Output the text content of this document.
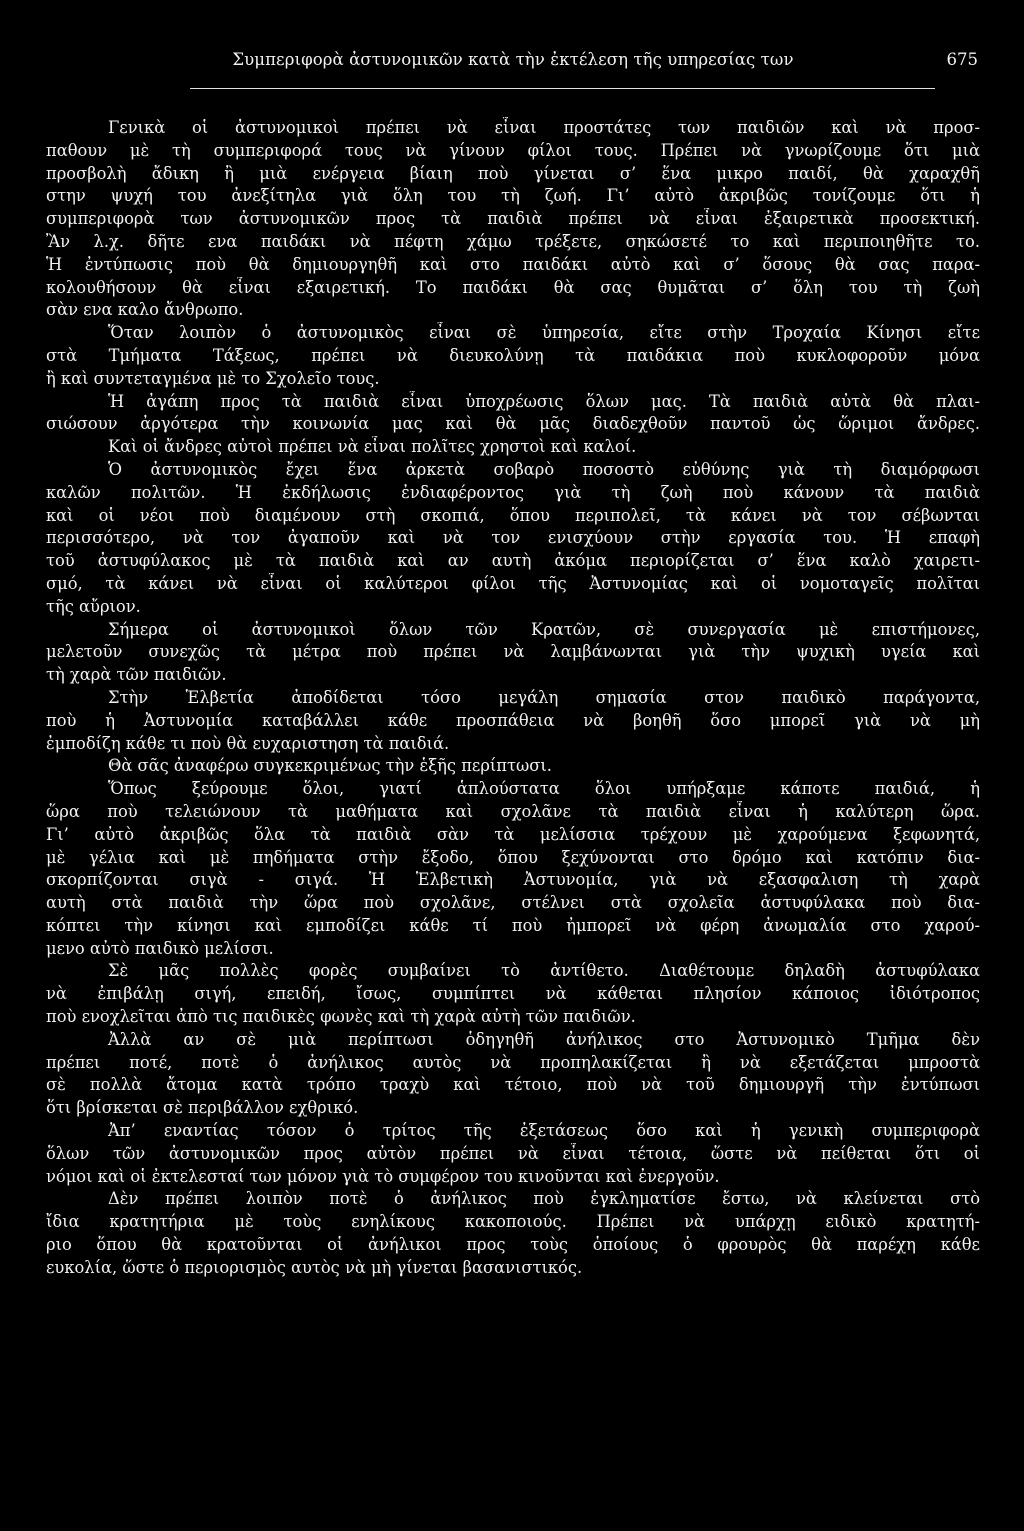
Συμπεριφορὰ ἀστυνομικῶν κατὰ τὴν ἐκτέλεση τῆς υπηρεσίας των	675
Γενικὰ οἱ ἀστυνομικοὶ πρέπει νὰ εἶναι προστάτες των παιδιῶν καὶ νὰ προσ-
παθουν μὲ τὴ συμπεριφορά τους νὰ γίνουν φίλοι τους. Πρέπει νὰ γνωρίζουμε ὅτι μιὰ
προσβολὴ ἄδικη ἢ μιὰ ενέργεια βίαιη ποὺ γίνεται σ’ ἕνα μικρο παιδί, θὰ χαραχθῆ
στην ψυχή του ἀνεξίτηλα γιὰ ὅλη του τὴ ζωή. Γι’ αὐτὸ ἀκριβῶς τονίζουμε ὅτι ἡ
συμπεριφορὰ των ἀστυνομικῶν προς τὰ παιδιὰ πρέπει νὰ εἶναι ἐξαιρετικὰ προσεκτική.
Ἂν λ.χ. δῆτε ενα παιδάκι νὰ πέφτη χάμω τρέξετε, σηκώσετέ το καὶ περιποιηθῆτε το.
Ἡ ἐντύπωσις ποὺ θὰ δημιουργηθῆ καὶ στο παιδάκι αὐτὸ καὶ σ’ ὅσους θὰ σας παρα-
κολουθήσουν θὰ εἶναι εξαιρετική. Το παιδάκι θὰ σας θυμᾶται σ’ ὅλη του τὴ ζωὴ
σὰν ενα καλο ἄνθρωπο.
Ὅταν λοιπὸν ὁ ἀστυνομικὸς εἶναι σὲ ὑπηρεσία, εἴτε στὴν Τροχαία Κίνησι εἴτε
στὰ Τμήματα Τάξεως, πρέπει νὰ διευκολύνῃ τὰ παιδάκια ποὺ κυκλοφοροῦν μόνα
ἢ καὶ συντεταγμένα μὲ το Σχολεῖο τους.
Ἡ ἀγάπη προς τὰ παιδιὰ εἶναι ὑποχρέωσις ὅλων μας. Τὰ παιδιὰ αὐτὰ θὰ πλαι-
σιώσουν ἀργότερα τὴν κοινωνία μας καὶ θὰ μᾶς διαδεχθοῦν παντοῦ ὡς ὥριμοι ἄνδρες.
Καὶ οἱ ἄνδρες αὐτοὶ πρέπει νὰ εἶναι πολῖτες χρηστοὶ καὶ καλοί.
Ὁ ἀστυνομικὸς ἔχει ἕνα ἀρκετὰ σοβαρὸ ποσοστὸ εὐθύνης γιὰ τὴ διαμόρφωσι
καλῶν πολιτῶν. Ἡ ἐκδήλωσις ἐνδιαφέροντος γιὰ τὴ ζωὴ ποὺ κάνουν τὰ παιδιὰ
καὶ οἱ νέοι ποὺ διαμένουν στὴ σκοπιά, ὅπου περιπολεῖ, τὰ κάνει νὰ τον σέβωνται
περισσότερο, νὰ τον ἀγαποῦν καὶ νὰ τον ενισχύουν στὴν εργασία του. Ἡ επαφὴ
τοῦ ἀστυφύλακος μὲ τὰ παιδιὰ καὶ αν αυτὴ ἀκόμα περιορίζεται σ’ ἕνα καλὸ χαιρετι-
σμό, τὰ κάνει νὰ εἶναι οἱ καλύτεροι φίλοι τῆς Ἀστυνομίας καὶ οἱ νομοταγεῖς πολῖται
τῆς αὔριον.
Σήμερα οἱ ἀστυνομικοὶ ὅλων τῶν Κρατῶν, σὲ συνεργασία μὲ επιστήμονες,
μελετοῦν συνεχῶς τὰ μέτρα ποὺ πρέπει νὰ λαμβάνωνται γιὰ τὴν ψυχικὴ υγεία καὶ
τὴ χαρὰ τῶν παιδιῶν.
Στὴν Ἑλβετία ἀποδίδεται τόσο μεγάλη σημασία στον παιδικὸ παράγοντα,
ποὺ ἡ Ἀστυνομία καταβάλλει κάθε προσπάθεια νὰ βοηθῆ ὅσο μπορεῖ γιὰ νὰ μὴ
ἐμποδίζη κάθε τι ποὺ θὰ ευχαριστηση τὰ παιδιά.
Θὰ σᾶς ἀναφέρω συγκεκριμένως τὴν ἑξῆς περίπτωσι.
Ὅπως ξεύρουμε ὅλοι, γιατί ἁπλούστατα ὅλοι υπήρξαμε κάποτε παιδιά, ἡ
ὥρα ποὺ τελειώνουν τὰ μαθήματα καὶ σχολᾶνε τὰ παιδιὰ εἶναι ἡ καλύτερη ὥρα.
Γι’ αὐτὸ ἀκριβῶς ὅλα τὰ παιδιὰ σὰν τὰ μελίσσια τρέχουν μὲ χαρούμενα ξεφωνητά,
μὲ γέλια καὶ μὲ πηδήματα στὴν ἔξοδο, ὅπου ξεχύνονται στο δρόμο καὶ κατόπιν δια-
σκορπίζονται σιγὰ - σιγά. Ἡ Ἑλβετικὴ Ἀστυνομία, γιὰ νὰ εξασφαλιση τὴ χαρὰ
αυτὴ στὰ παιδιὰ τὴν ὥρα ποὺ σχολᾶνε, στέλνει στὰ σχολεῖα ἀστυφύλακα ποὺ δια-
κόπτει τὴν κίνησι καὶ εμποδίζει κάθε τί ποὺ ἠμπορεῖ νὰ φέρη ἀνωμαλία στο χαρού-
μενο αὐτὸ παιδικὸ μελίσσι.
Σὲ μᾶς πολλὲς φορὲς συμβαίνει τὸ ἀντίθετο. Διαθέτουμε δηλαδὴ ἀστυφύλακα
νὰ ἐπιβάλῃ σιγή, επειδή, ἴσως, συμπίπτει νὰ κάθεται πλησίον κάποιος ἰδιότροπος
ποὺ ενοχλεῖται ἀπὸ τις παιδικὲς φωνὲς καὶ τὴ χαρὰ αὐτὴ τῶν παιδιῶν.
Ἀλλὰ αν σὲ μιὰ περίπτωσι ὁδηγηθῆ ἀνήλικος στο Ἀστυνομικὸ Τμῆμα δὲν
πρέπει ποτέ, ποτὲ ὁ ἀνήλικος αυτὸς νὰ προπηλακίζεται ἢ νὰ εξετάζεται μπροστὰ
σὲ πολλὰ ἄτομα κατὰ τρόπο τραχὺ καὶ τέτοιο, ποὺ νὰ τοῦ δημιουργῆ τὴν ἐντύπωσι
ὅτι βρίσκεται σὲ περιβάλλον εχθρικό.
Ἀπ’ εναντίας τόσον ὁ τρίτος τῆς ἐξετάσεως ὅσο καὶ ἡ γενικὴ συμπεριφορὰ
ὅλων τῶν ἀστυνομικῶν προς αὐτὸν πρέπει νὰ εἶναι τέτοια, ὥστε νὰ πείθεται ὅτι οἱ
νόμοι καὶ οἱ ἐκτελεσταί των μόνον γιὰ τὸ συμφέρον του κινοῦνται καὶ ἐνεργοῦν.
Δὲν πρέπει λοιπὸν ποτὲ ὁ ἀνήλικος ποὺ ἐγκληματίσε ἔστω, νὰ κλείνεται στὸ
ἴδια κρατητήρια μὲ τοὺς ενηλίκους κακοποιούς. Πρέπει νὰ υπάρχῃ ειδικὸ κρατητή-
ριο ὅπου θὰ κρατοῦνται οἱ ἀνήλικοι προς τοὺς ὁποίους ὁ φρουρὸς θὰ παρέχη κάθε
ευκολία, ὥστε ὁ περιορισμὸς αυτὸς νὰ μὴ γίνεται βασανιστικός.
